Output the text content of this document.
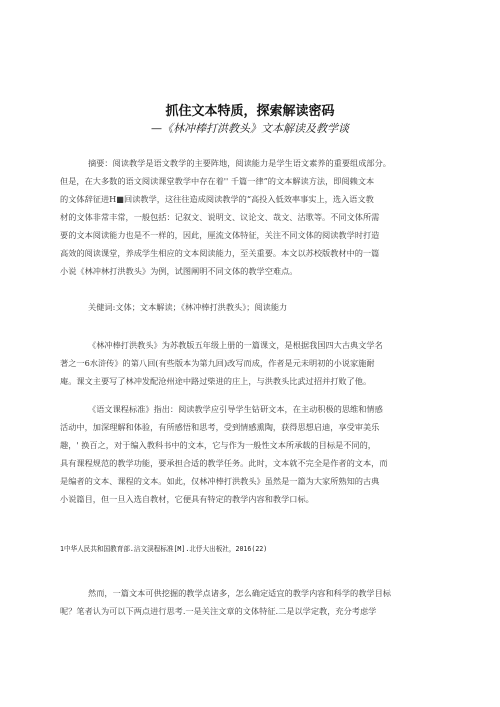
抓住文本特质，探索解读密码
—《林冲棒打洪教头》文本解读及教学谈
摘要：阅读教学是语文教学的主要阵地，阅读能力是学生语文素养的重要组成部分。
但是，在大多数的语文阅读课堂教学中存在着'' 千篇一律”的文本解读方法，即阅赖文本
的文体辞征进H■回读教学，这往往造成阅读教学的“高投入低效率事实上，选入语文教
材的文体非常丰常，一般包括：记叙文、说明文、议论文、哉文、沽歌等。不同文体所需
要的文本阅读能力也是不一样的，因此，厘流文体特征，关注不同文体的阅读教学时打造
高效的阅读课堂，养成学生相应的文本阅读能力，至关重要。本文以苏校版教材中的一篇
小说《林冲林打洪教头》为例，试图阐明不同文体的教学空难点。
关健词:文体；文本解读；《林冲棒打洪教头》；阅读能力
《林冲棒打洪教头》为苏教版五年级上册的一篇课文，是根据我国四大古典文学名
著之一6水浒传》的第八回(有些版本为第九回)改写而成，作者是元未明初的小说家施耐
庵。课文主要写了林冲发配沧州途中路过柴进的庄上，与洪教头比武过招并打败了他。
《语文课程标准》指出：阅读教学应引导学生钻研文本，在主动积极的思维和情感
活动中，加深理解和体验，有所感悟和思考，受到情感熏陶，获得思想启迪，享受审美乐
趣，' 换百之，对于编入教科书中的文本，它与作为一般性文本所承载的目标是不同的，
具有课程规范的教学功能，要承担合适的教学任务。此时，文本就不完全是作者的文本，而
是编者的文本、课程的文本。如此，仅林冲棒打洪教头》虽然是一篇为大家所熟知的古典
小说篇目，但一旦入选自教材，它便具有特定的教学内容和教学口标。
1中华人民共和国教育部.涪文渓程标准[M].北伃大出板社，2016(22)
然而，一篇文本可供挖掘的教学点诸多，怎么确定适宜的教学内容和科学的教学目标
呢？笔者认为可以下两点进行思考.一是关注文章的文体特征.二是以学定教，充分考虑学
